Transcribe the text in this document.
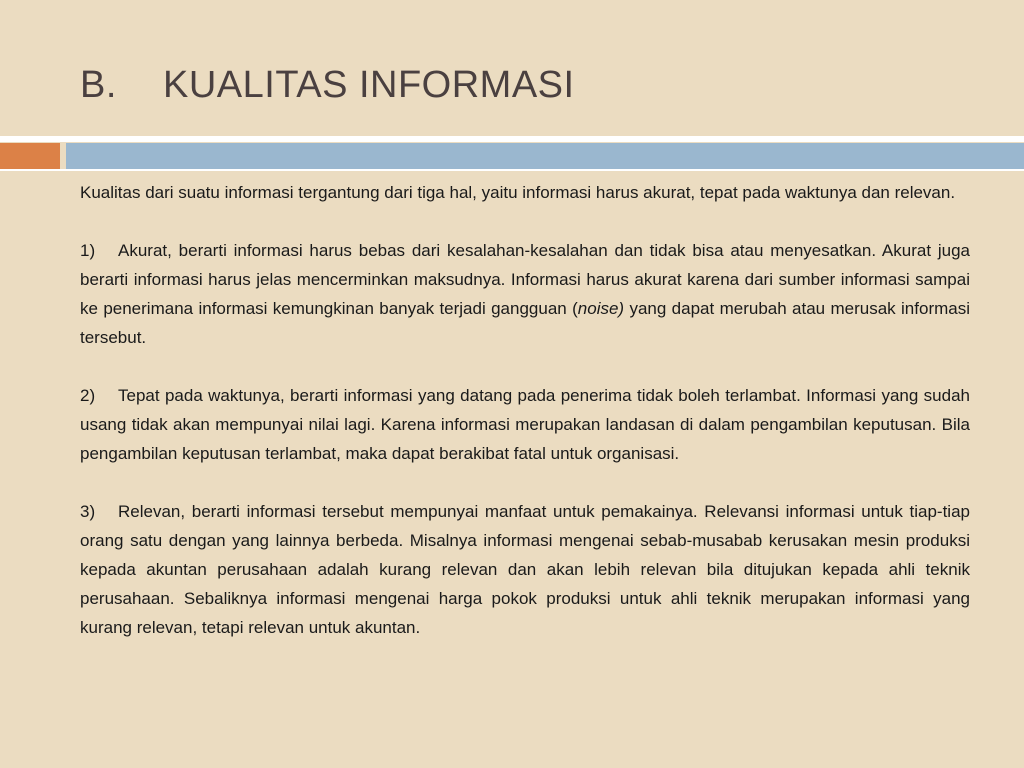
B. KUALITAS INFORMASI

Kualitas dari suatu informasi tergantung dari tiga hal, yaitu informasi harus akurat, tepat pada waktunya dan relevan.

1) Akurat, berarti informasi harus bebas dari kesalahan-kesalahan dan tidak bisa atau menyesatkan. Akurat juga berarti informasi harus jelas mencerminkan maksudnya. Informasi harus akurat karena dari sumber informasi sampai ke penerimana informasi kemungkinan banyak terjadi gangguan (noise) yang dapat merubah atau merusak informasi tersebut.

2) Tepat pada waktunya, berarti informasi yang datang pada penerima tidak boleh terlambat. Informasi yang sudah usang tidak akan mempunyai nilai lagi. Karena informasi merupakan landasan di dalam pengambilan keputusan. Bila pengambilan keputusan terlambat, maka dapat berakibat fatal untuk organisasi.

3) Relevan, berarti informasi tersebut mempunyai manfaat untuk pemakainya. Relevansi informasi untuk tiap-tiap orang satu dengan yang lainnya berbeda. Misalnya informasi mengenai sebab-musabab kerusakan mesin produksi kepada akuntan perusahaan adalah kurang relevan dan akan lebih relevan bila ditujukan kepada ahli teknik perusahaan. Sebaliknya informasi mengenai harga pokok produksi untuk ahli teknik merupakan informasi yang kurang relevan, tetapi relevan untuk akuntan.
